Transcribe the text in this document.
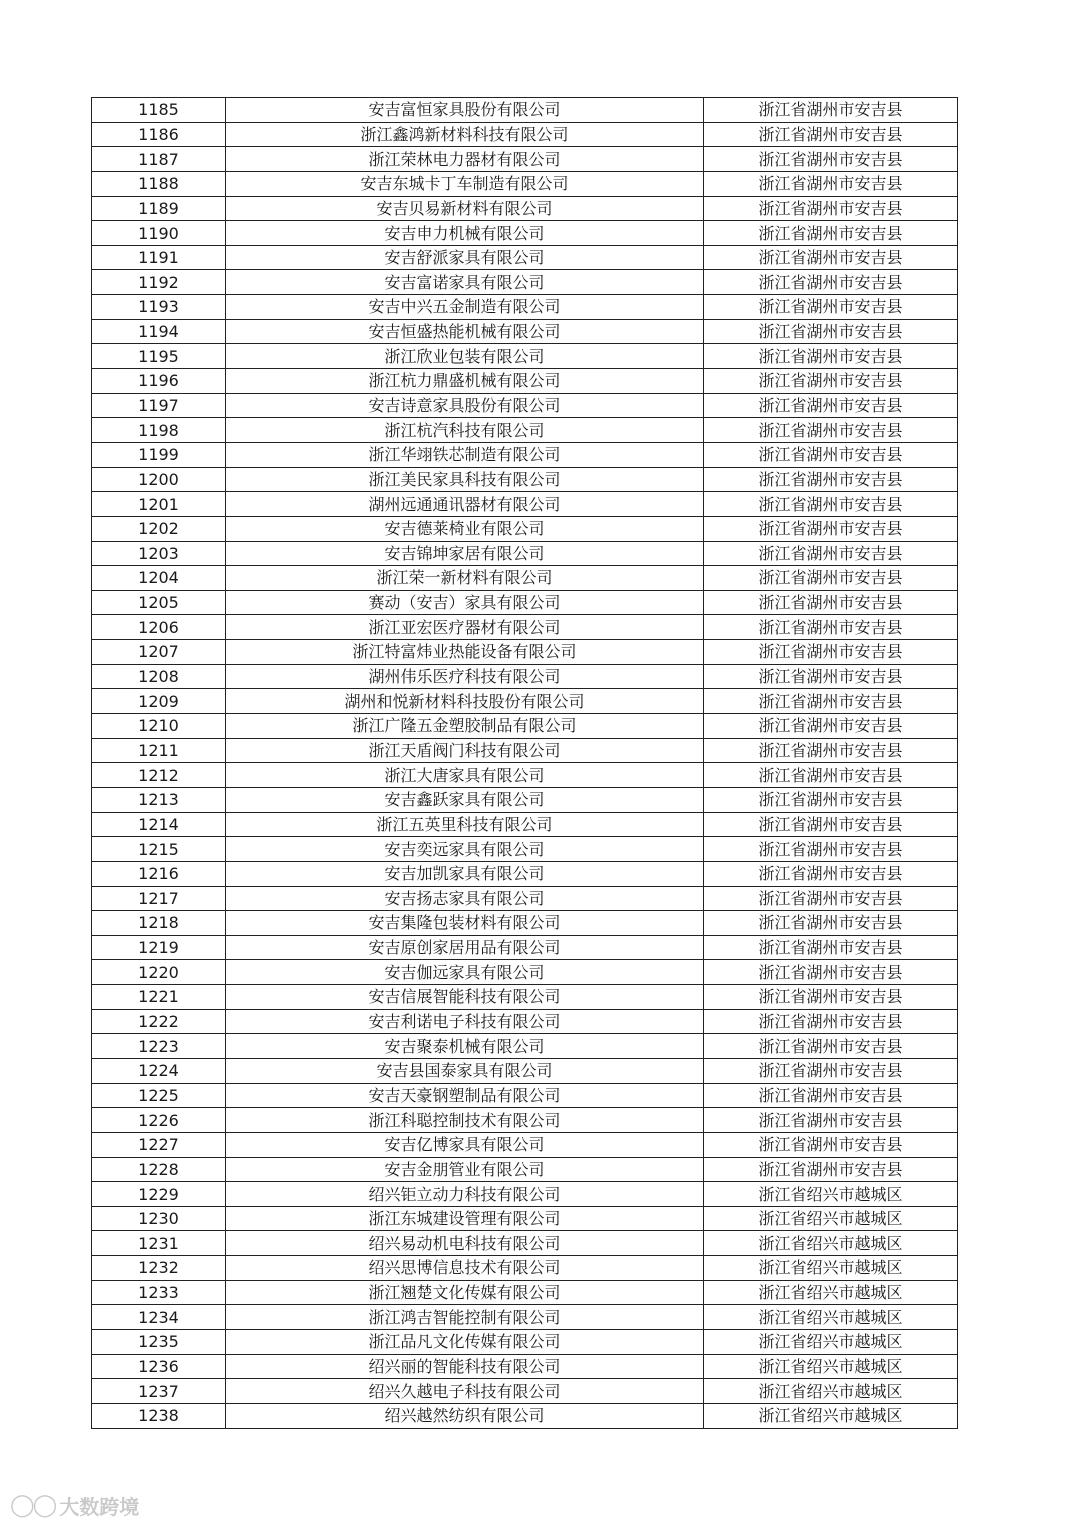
1185	安吉富恒家具股份有限公司	浙江省湖州市安吉县
1186	浙江鑫鸿新材料科技有限公司	浙江省湖州市安吉县
1187	浙江荣林电力器材有限公司	浙江省湖州市安吉县
1188	安吉东城卡丁车制造有限公司	浙江省湖州市安吉县
1189	安吉贝易新材料有限公司	浙江省湖州市安吉县
1190	安吉申力机械有限公司	浙江省湖州市安吉县
1191	安吉舒派家具有限公司	浙江省湖州市安吉县
1192	安吉富诺家具有限公司	浙江省湖州市安吉县
1193	安吉中兴五金制造有限公司	浙江省湖州市安吉县
1194	安吉恒盛热能机械有限公司	浙江省湖州市安吉县
1195	浙江欣业包装有限公司	浙江省湖州市安吉县
1196	浙江杭力鼎盛机械有限公司	浙江省湖州市安吉县
1197	安吉诗意家具股份有限公司	浙江省湖州市安吉县
1198	浙江杭汽科技有限公司	浙江省湖州市安吉县
1199	浙江华翊铁芯制造有限公司	浙江省湖州市安吉县
1200	浙江美民家具科技有限公司	浙江省湖州市安吉县
1201	湖州远通通讯器材有限公司	浙江省湖州市安吉县
1202	安吉德莱椅业有限公司	浙江省湖州市安吉县
1203	安吉锦坤家居有限公司	浙江省湖州市安吉县
1204	浙江荣一新材料有限公司	浙江省湖州市安吉县
1205	赛动（安吉）家具有限公司	浙江省湖州市安吉县
1206	浙江亚宏医疗器材有限公司	浙江省湖州市安吉县
1207	浙江特富炜业热能设备有限公司	浙江省湖州市安吉县
1208	湖州伟乐医疗科技有限公司	浙江省湖州市安吉县
1209	湖州和悦新材料科技股份有限公司	浙江省湖州市安吉县
1210	浙江广隆五金塑胶制品有限公司	浙江省湖州市安吉县
1211	浙江天盾阀门科技有限公司	浙江省湖州市安吉县
1212	浙江大唐家具有限公司	浙江省湖州市安吉县
1213	安吉鑫跃家具有限公司	浙江省湖州市安吉县
1214	浙江五英里科技有限公司	浙江省湖州市安吉县
1215	安吉奕远家具有限公司	浙江省湖州市安吉县
1216	安吉加凯家具有限公司	浙江省湖州市安吉县
1217	安吉扬志家具有限公司	浙江省湖州市安吉县
1218	安吉集隆包装材料有限公司	浙江省湖州市安吉县
1219	安吉原创家居用品有限公司	浙江省湖州市安吉县
1220	安吉伽远家具有限公司	浙江省湖州市安吉县
1221	安吉信展智能科技有限公司	浙江省湖州市安吉县
1222	安吉利诺电子科技有限公司	浙江省湖州市安吉县
1223	安吉聚泰机械有限公司	浙江省湖州市安吉县
1224	安吉县国泰家具有限公司	浙江省湖州市安吉县
1225	安吉天豪钢塑制品有限公司	浙江省湖州市安吉县
1226	浙江科聪控制技术有限公司	浙江省湖州市安吉县
1227	安吉亿博家具有限公司	浙江省湖州市安吉县
1228	安吉金朋管业有限公司	浙江省湖州市安吉县
1229	绍兴钜立动力科技有限公司	浙江省绍兴市越城区
1230	浙江东城建设管理有限公司	浙江省绍兴市越城区
1231	绍兴易动机电科技有限公司	浙江省绍兴市越城区
1232	绍兴思博信息技术有限公司	浙江省绍兴市越城区
1233	浙江翘楚文化传媒有限公司	浙江省绍兴市越城区
1234	浙江鸿吉智能控制有限公司	浙江省绍兴市越城区
1235	浙江品凡文化传媒有限公司	浙江省绍兴市越城区
1236	绍兴丽的智能科技有限公司	浙江省绍兴市越城区
1237	绍兴久越电子科技有限公司	浙江省绍兴市越城区
1238	绍兴越然纺织有限公司	浙江省绍兴市越城区
◯◯ 大数跨境
